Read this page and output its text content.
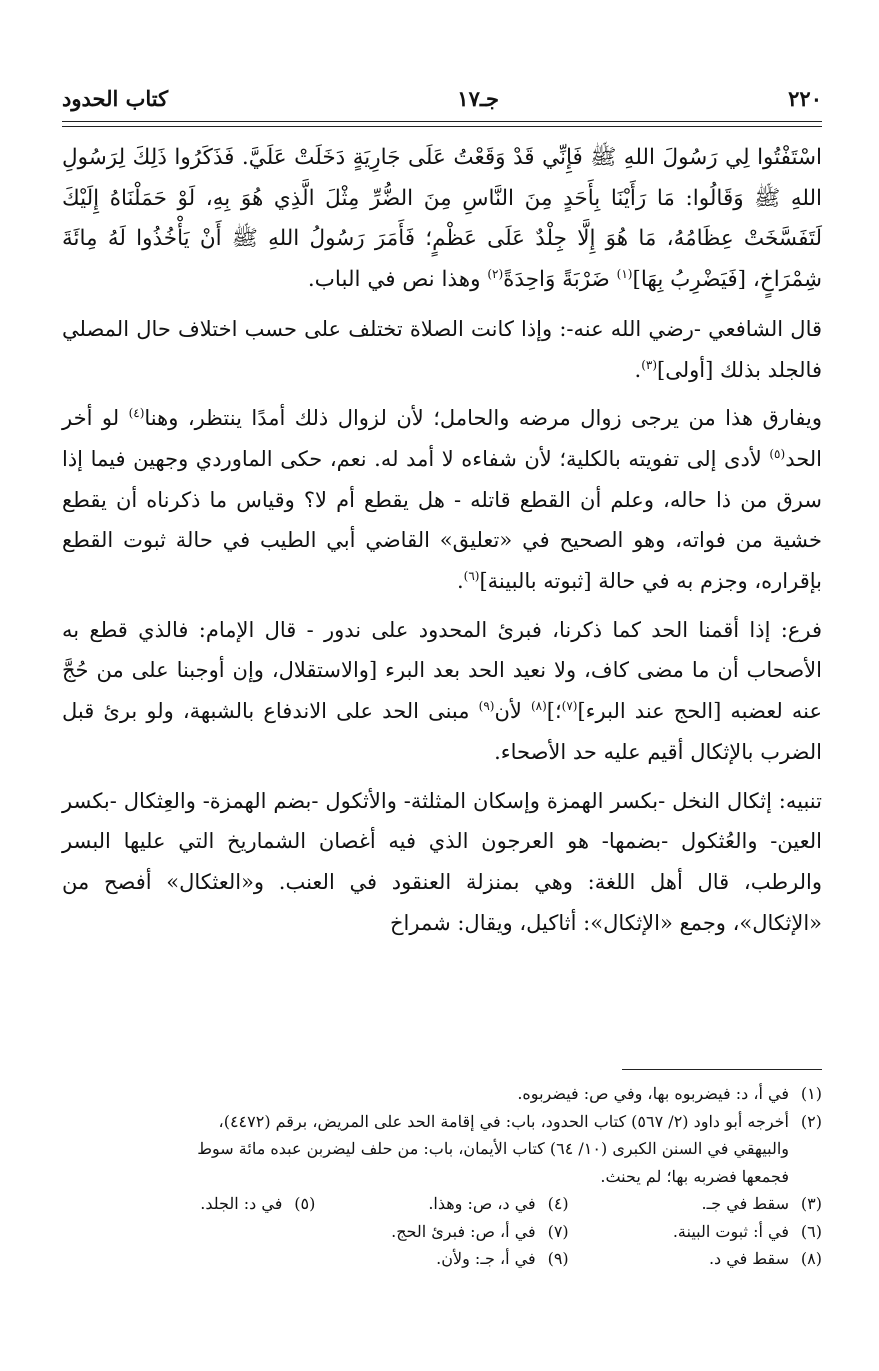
٢٢٠
جـ١٧
كتاب الحدود

اسْتَفْتُوا لِي رَسُولَ اللهِ ﷺ فَإِنِّي قَدْ وَقَعْتُ عَلَى جَارِيَةٍ دَخَلَتْ عَلَيَّ. فَذَكَرُوا ذَلِكَ لِرَسُولِ اللهِ ﷺ وَقَالُوا: مَا رَأَيْنَا بِأَحَدٍ مِنَ النَّاسِ مِنَ الضُّرِّ مِثْلَ الَّذِي هُوَ بِهِ، لَوْ حَمَلْنَاهُ إِلَيْكَ لَتَفَسَّخَتْ عِظَامُهُ، مَا هُوَ إِلَّا جِلْدٌ عَلَى عَظْمٍ؛ فَأَمَرَ رَسُولُ اللهِ ﷺ أَنْ يَأْخُذُوا لَهُ مِائَةَ شِمْرَاخٍ، [فَيَضْرِبُ بِهَا]$^{(١)}$ ضَرْبَةً وَاحِدَةً$^{(٢)}$ وهذا نص في الباب.

قال الشافعي -رضي الله عنه-: وإذا كانت الصلاة تختلف على حسب اختلاف حال المصلي فالجلد بذلك [أولى]$^{(٣)}$.

ويفارق هذا من يرجى زوال مرضه والحامل؛ لأن لزوال ذلك أمدًا ينتظر، وهنا$^{(٤)}$ لو أخر الحد$^{(٥)}$ لأدى إلى تفويته بالكلية؛ لأن شفاءه لا أمد له. نعم، حكى الماوردي وجهين فيما إذا سرق من ذا حاله، وعلم أن القطع قاتله - هل يقطع أم لا؟ وقياس ما ذكرناه أن يقطع خشية من فواته، وهو الصحيح في «تعليق» القاضي أبي الطيب في حالة ثبوت القطع بإقراره، وجزم به في حالة [ثبوته بالبينة]$^{(٦)}$.

فرع: إذا أقمنا الحد كما ذكرنا، فبرئ المحدود على ندور - قال الإمام: فالذي قطع به الأصحاب أن ما مضى كاف، ولا نعيد الحد بعد البرء [والاستقلال، وإن أوجبنا على من حُجَّ عنه لعضبه [الحج عند البرء]$^{(٧)}$؛]$^{(٨)}$ لأن$^{(٩)}$ مبنى الحد على الاندفاع بالشبهة، ولو برئ قبل الضرب بالإثكال أقيم عليه حد الأصحاء.

تنبيه: إثكال النخل -بكسر الهمزة وإسكان المثلثة- والأثكول -بضم الهمزة- والعِثكال -بكسر العين- والعُثكول -بضمها- هو العرجون الذي فيه أغصان الشماريخ التي عليها البسر والرطب، قال أهل اللغة: وهي بمنزلة العنقود في العنب. و«العثكال» أفصح من «الإثكال»، وجمع «الإثكال»: أثاكيل، ويقال: شمراخ

(١)في أ، د: فيضربوه بها، وفي ص: فيضربوه.
(٢)أخرجه أبو داود (٢/ ٥٦٧) كتاب الحدود، باب: في إقامة الحد على المريض، برقم (٤٤٧٢)،
والبيهقي في السنن الكبرى (١٠/ ٦٤) كتاب الأيمان، باب: من حلف ليضربن عبده مائة سوط
فجمعها فضربه بها؛ لم يحنث.
(٣)سقط في جـ.
(٤)في د، ص: وهذا.
(٥)في د: الجلد.
(٦)في أ: ثبوت البينة.
(٧)في أ، ص: فبرئ الحج.
(٨)سقط في د.
(٩)في أ، جـ: ولأن.
